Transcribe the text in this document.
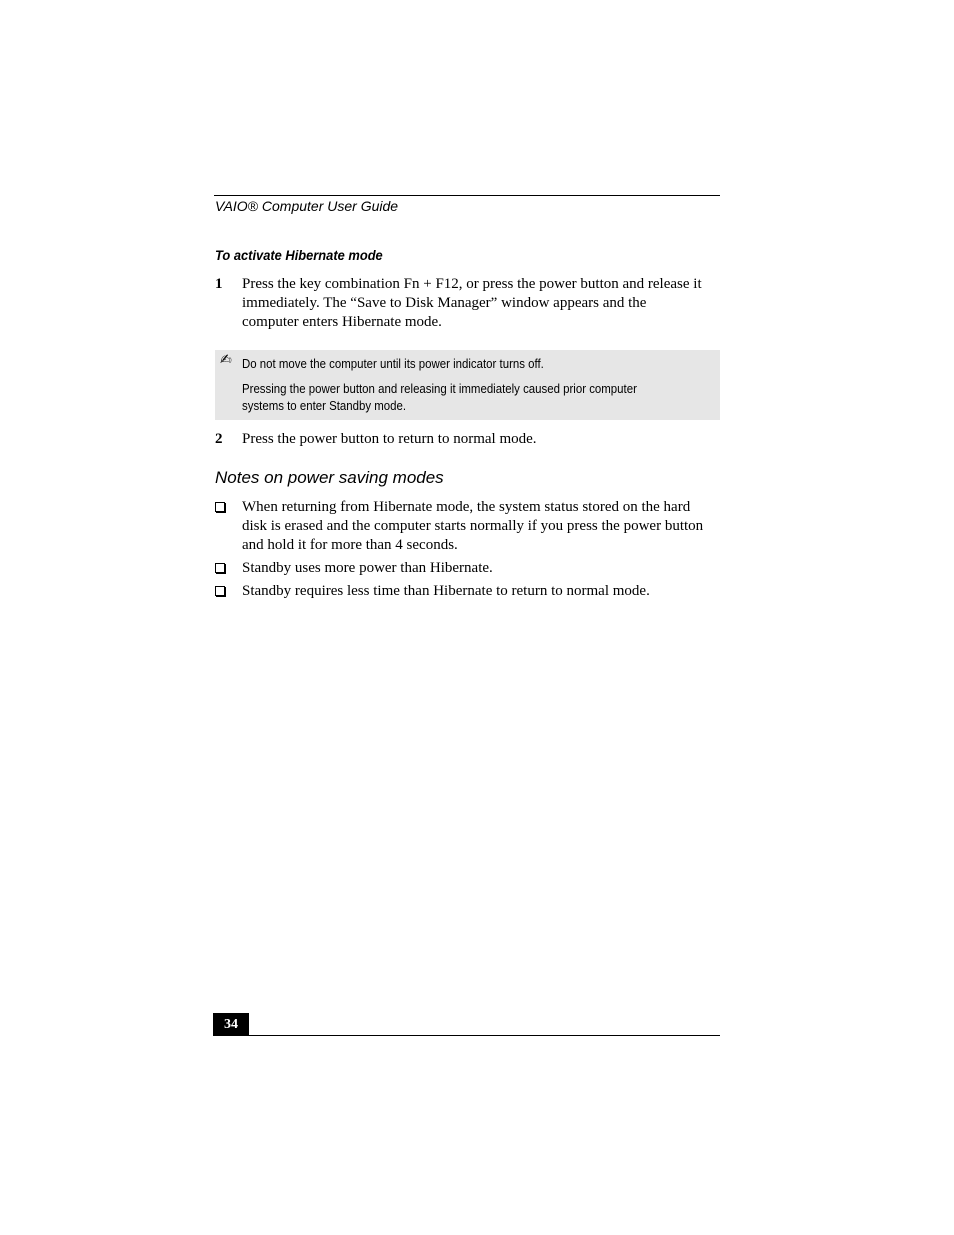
VAIO® Computer User Guide
To activate Hibernate mode
1 Press the key combination Fn + F12, or press the power button and release it
immediately. The “Save to Disk Manager” window appears and the
computer enters Hibernate mode.
✍ Do not move the computer until its power indicator turns off.
Pressing the power button and releasing it immediately caused prior computer
systems to enter Standby mode.
2 Press the power button to return to normal mode.
Notes on power saving modes
When returning from Hibernate mode, the system status stored on the hard
disk is erased and the computer starts normally if you press the power button
and hold it for more than 4 seconds.
Standby uses more power than Hibernate.
Standby requires less time than Hibernate to return to normal mode.
34
